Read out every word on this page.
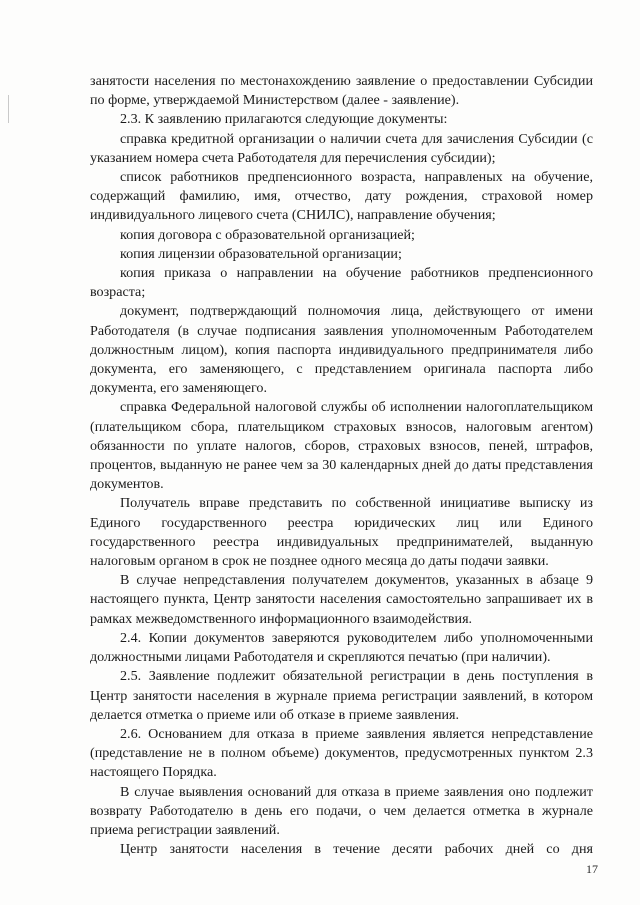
занятости населения по местонахождению заявление о предоставлении Субсидии по форме, утверждаемой Министерством (далее - заявление).

2.3. К заявлению прилагаются следующие документы:

справка кредитной организации о наличии счета для зачисления Субсидии (с указанием номера счета Работодателя для перечисления субсидии);

список работников предпенсионного возраста, направленых на обучение, содержащий фамилию, имя, отчество, дату рождения, страховой номер индивидуального лицевого счета (СНИЛС), направление обучения;

копия договора с образовательной организацией;

копия лицензии образовательной организации;

копия приказа о направлении на обучение работников предпенсионного возраста;

документ, подтверждающий полномочия лица, действующего от имени Работодателя (в случае подписания заявления уполномоченным Работодателем должностным лицом), копия паспорта индивидуального предпринимателя либо документа, его заменяющего, с представлением оригинала паспорта либо документа, его заменяющего.

справка Федеральной налоговой службы об исполнении налогоплательщиком (плательщиком сбора, плательщиком страховых взносов, налоговым агентом) обязанности по уплате налогов, сборов, страховых взносов, пеней, штрафов, процентов, выданную не ранее чем за 30 календарных дней до даты представления документов.

Получатель вправе представить по собственной инициативе выписку из Единого государственного реестра юридических лиц или Единого государственного реестра индивидуальных предпринимателей, выданную налоговым органом в срок не позднее одного месяца до даты подачи заявки.

В случае непредставления получателем документов, указанных в абзаце 9 настоящего пункта, Центр занятости населения самостоятельно запрашивает их в рамках межведомственного информационного взаимодействия.

2.4. Копии документов заверяются руководителем либо уполномоченными должностными лицами Работодателя и скрепляются печатью (при наличии).

2.5. Заявление подлежит обязательной регистрации в день поступления в Центр занятости населения в журнале приема регистрации заявлений, в котором делается отметка о приеме или об отказе в приеме заявления.

2.6. Основанием для отказа в приеме заявления является непредставление (представление не в полном объеме) документов, предусмотренных пунктом 2.3 настоящего Порядка.

В случае выявления оснований для отказа в приеме заявления оно подлежит возврату Работодателю в день его подачи, о чем делается отметка в журнале приема регистрации заявлений.

Центр занятости населения в течение десяти рабочих дней со дня

17
